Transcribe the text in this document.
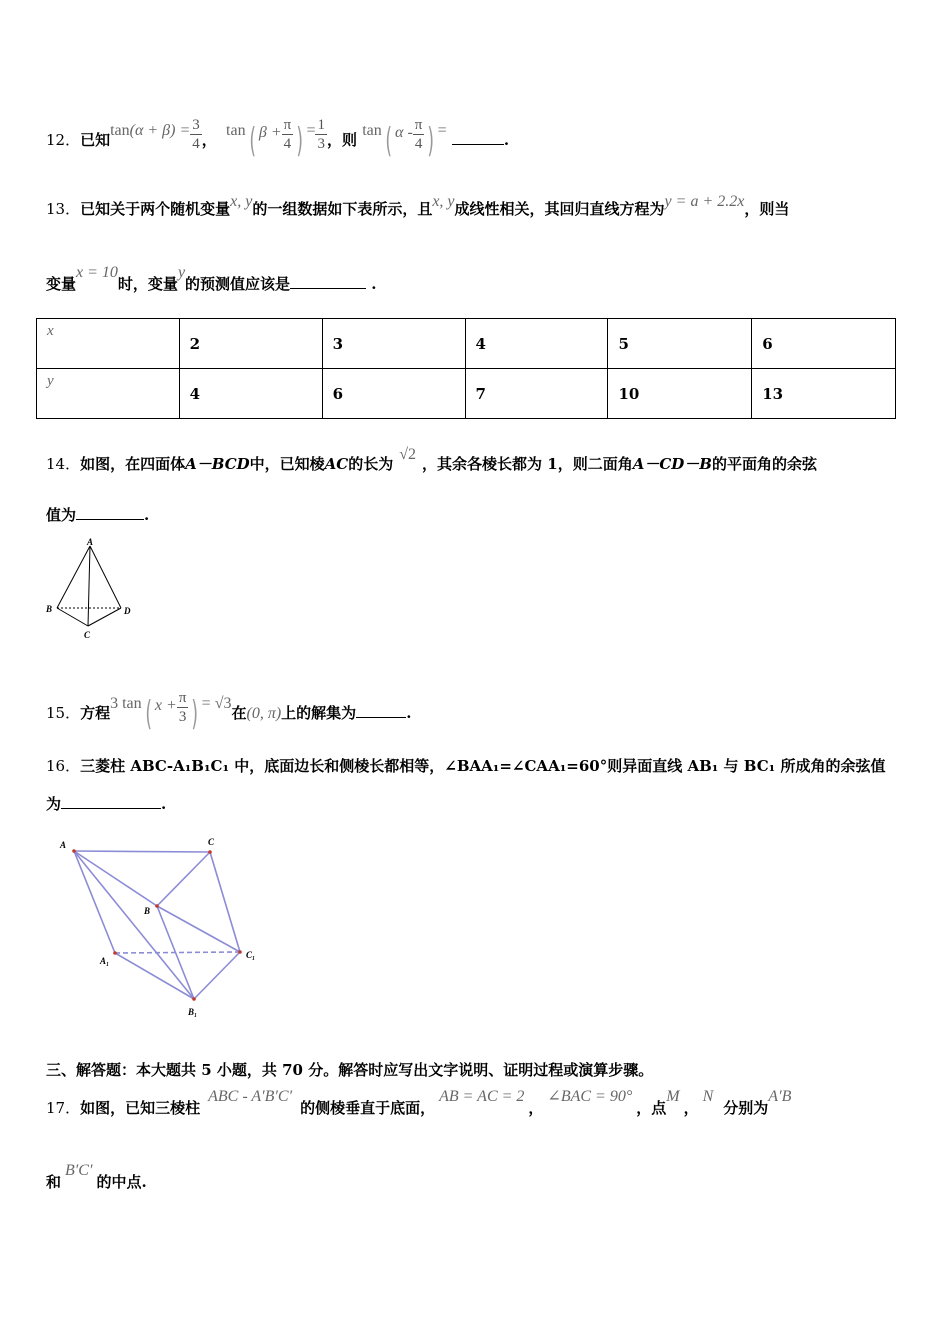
12．已知$\tan(\alpha + \beta) = \frac{3}{4}$ ， tan( $\beta + \frac{\pi}{4}$ ) = $\frac{1}{3}$ ，则 tan( α - $\frac{\pi}{4}$ ) = .
13．已知关于两个随机变量x, y的一组数据如下表所示，且x, y成线性相关，其回归直线方程为y = a + 2.2x，则当
变量x = 10时，变量y的预测值应该是	.
x	2	3	4	5	6
y	4	6	7	10	13
14．如图，在四面体A－BCD中，已知棱AC的长为√2，其余各棱长都为 1，则二面角A－CD－B的平面角的余弦
值为	.
A
B
C
D
15．方程3 tan( $x + \frac{\pi}{3}$ ) = √3在(0, π)上的解集为	.
16．三菱柱 ABC-A₁B₁C₁ 中，底面边长和侧棱长都相等，∠BAA₁=∠CAA₁=60°则异面直线 AB₁ 与 BC₁ 所成角的余弦值
为	.
A	C
B
A₁
C₁
B₁
三、解答题：本大题共 5 小题，共 70 分。解答时应写出文字说明、证明过程或演算步骤。
17．如图，已知三棱柱ABC - A′B′C′的侧棱垂直于底面，AB = AC = 2，∠BAC = 90°，点M，N分别为A′B
和B′C′的中点.
